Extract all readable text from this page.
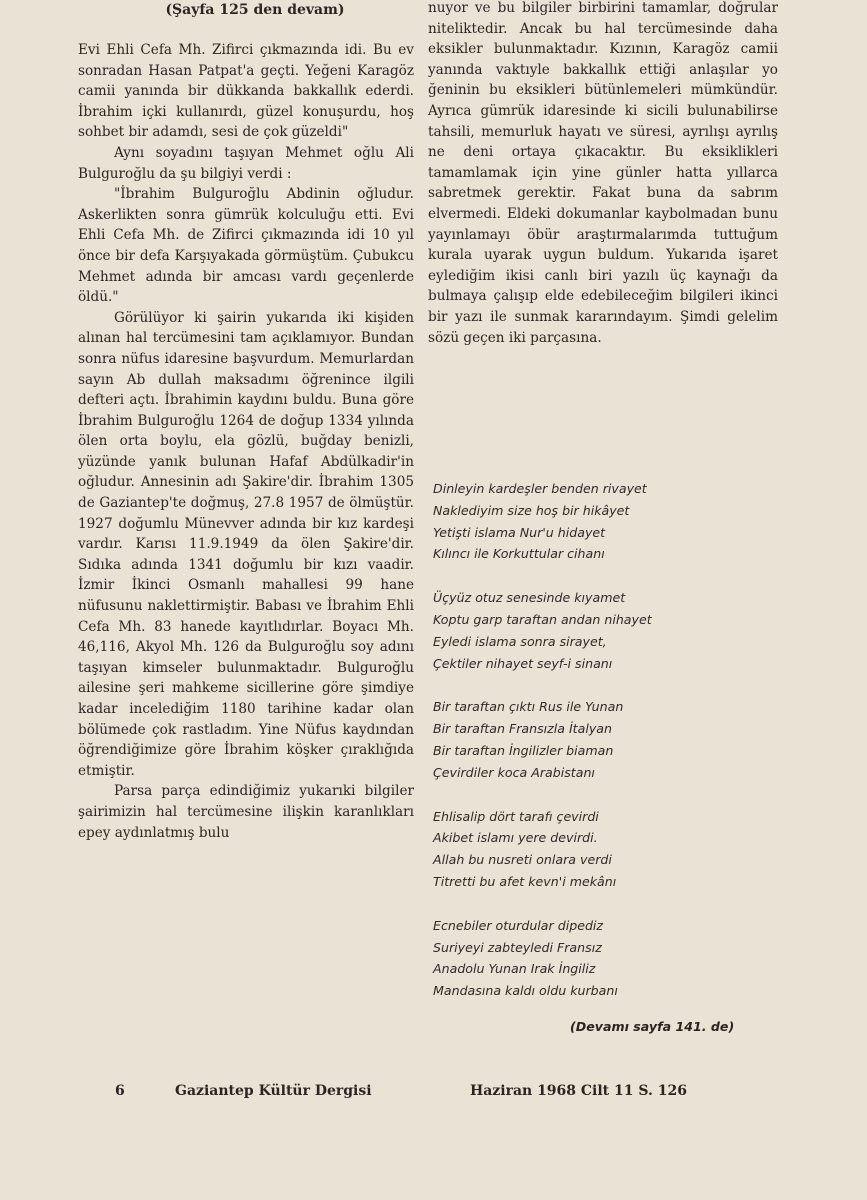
(Şayfa 125 den devam)

Evi Ehli Cefa Mh. Zifirci çıkmazında idi. Bu ev sonradan Hasan Patpat'a geçti. Yeğeni Karagöz camii yanında bir dükkanda bakkallık ederdi. İbrahim içki kullanırdı, güzel konuşurdu, hoş sohbet bir adamdı, sesi de çok güzeldi"

Aynı soyadını taşıyan Mehmet oğlu Ali Bulguroğlu da şu bilgiyi verdi :

"İbrahim Bulguroğlu Abdinin oğludur. Askerlikten sonra gümrük kolculuğu etti. Evi Ehli Cefa Mh. de Zifirci çıkmazında idi 10 yıl önce bir defa Karşıyakada görmüştüm. Çubukcu Mehmet adında bir amcası vardı geçenlerde öldü."

Görülüyor ki şairin yukarıda iki kişiden alınan hal tercümesini tam açıklamıyor. Bundan sonra nüfus idaresine başvurdum. Memurlardan sayın Ab dullah maksadımı öğrenince ilgili defteri açtı. İbrahimin kaydını buldu. Buna göre İbrahim Bulguroğlu 1264 de doğup 1334 yılında ölen orta boylu, ela gözlü, buğday benizli, yüzünde yanık bulunan Hafaf Abdülkadir'in oğludur. Annesinin adı Şakire'dir. İbrahim 1305 de Gaziantep'te doğmuş, 27.8 1957 de ölmüştür. 1927 doğumlu Münevver adında bir kız kardeşi vardır. Karısı 11.9.1949 da ölen Şakire'dir. Sıdıka adında 1341 doğumlu bir kızı vaadir. İzmir İkinci Osmanlı mahallesi 99 hane nüfusunu naklettirmiştir. Babası ve İbrahim Ehli Cefa Mh. 83 hanede kayıtlıdırlar. Boyacı Mh. 46,116, Akyol Mh. 126 da Bulguroğlu soy adını taşıyan kimseler bulunmaktadır. Bulguroğlu ailesine şeri mahkeme sicillerine göre şimdiye kadar incelediğim 1180 tarihine kadar olan bölümede çok rastladım. Yine Nüfus kaydından öğrendiğimize göre İbrahim köşker çıraklığıda etmiştir.

Parsa parça edindiğimiz yukarıki bilgiler şairimizin hal tercümesine ilişkin karanlıkları epey aydınlatmış bulu

nuyor ve bu bilgiler birbirini tamamlar, doğrular niteliktedir. Ancak bu hal tercümesinde daha eksikler bulunmaktadır. Kızının, Karagöz camii yanında vaktıyle bakkallık ettiği anlaşılar yo ğeninin bu eksikleri bütünlemeleri mümkündür. Ayrıca gümrük idaresinde ki sicili bulunabilirse tahsili, memurluk hayatı ve süresi, ayrılışı ayrılış ne deni ortaya çıkacaktır. Bu eksiklikleri tamamlamak için yine günler hatta yıllarca sabretmek gerektir. Fakat buna da sabrım elvermedi. Eldeki dokumanlar kaybolmadan bunu yayınlamayı öbür araştırmalarımda tuttuğum kurala uyarak uygun buldum. Yukarıda işaret eylediğim ikisi canlı biri yazılı üç kaynağı da bulmaya çalışıp elde edebileceğim bilgileri ikinci bir yazı ile sunmak kararındayım. Şimdi gelelim sözü geçen iki parçasına.

Dinleyin kardeşler benden rivayet
Naklediyim size hoş bir hikâyet
Yetişti islama Nur'u hidayet
Kılıncı ile Korkuttular cihanı
Üçyüz otuz senesinde kıyamet
Koptu garp taraftan andan nihayet
Eyledi islama sonra sirayet,
Çektiler nihayet seyf-i sinanı
Bir taraftan çıktı Rus ile Yunan
Bir taraftan Fransızla İtalyan
Bir taraftan İngilizler biaman
Çevirdiler koca Arabistanı
Ehlisalip dört tarafı çevirdi
Akibet islamı yere devirdi.
Allah bu nusreti onlara verdi
Titretti bu afet kevn'i mekânı
Ecnebiler oturdular dipediz
Suriyeyi zabteyledi Fransız
Anadolu Yunan Irak İngiliz
Mandasına kaldı oldu kurbanı
(Devamı sayfa 141. de)
6	Gaziantep Kültür Dergisi	Haziran 1968 Cilt 11 S. 126
